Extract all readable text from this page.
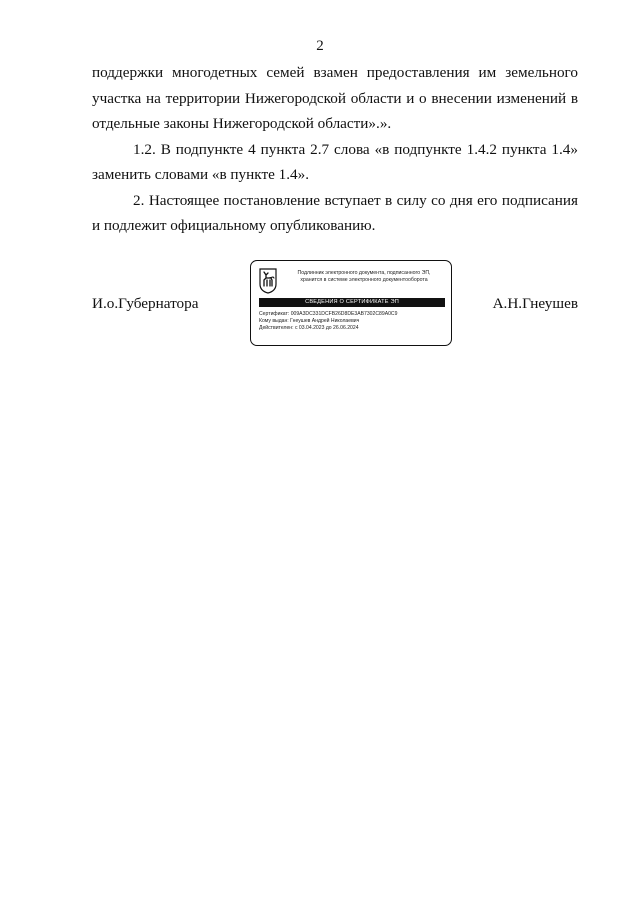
2

поддержки многодетных семей взамен предоставления им земельного участка на территории Нижегородской области и о внесении изменений в отдельные законы Нижегородской области».».

1.2. В подпункте 4 пункта 2.7 слова «в подпункте 1.4.2 пункта 1.4» заменить словами «в пункте 1.4».

2. Настоящее постановление вступает в силу со дня его подписания и подлежит официальному опубликованию.

И.о.Губернатора
Подлинник электронного документа, подписанного ЭП,
хранится в системе электронного документооборота
СВЕДЕНИЯ О СЕРТИФИКАТЕ ЭП
Сертификат: 009A3DC331DCFB26D8DE3AB7302C89A0C9
Кому выдан: Гнеушев Андрей Николаевич
Действителен: с 03.04.2023 до 26.06.2024
А.Н.Гнеушев
